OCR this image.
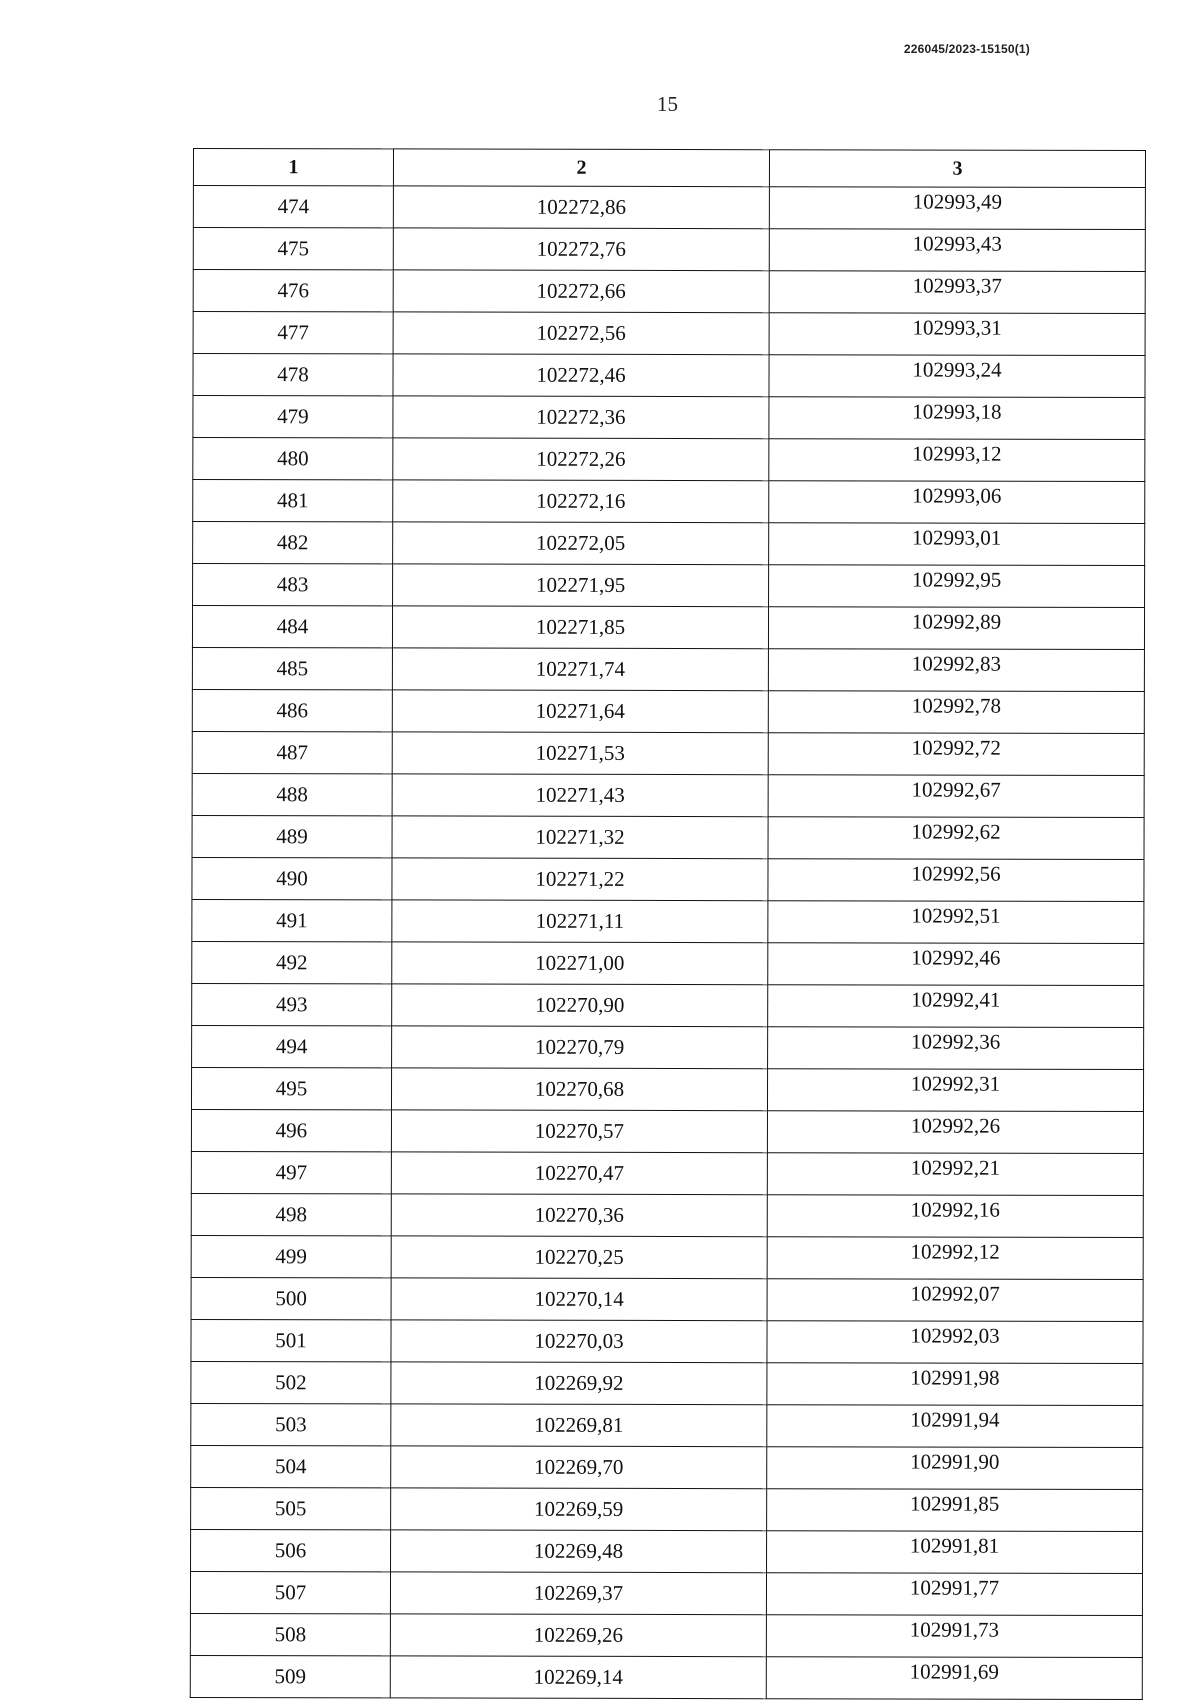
226045/2023-15150(1)
15
1	2	3
474	102272,86	102993,49
475	102272,76	102993,43
476	102272,66	102993,37
477	102272,56	102993,31
478	102272,46	102993,24
479	102272,36	102993,18
480	102272,26	102993,12
481	102272,16	102993,06
482	102272,05	102993,01
483	102271,95	102992,95
484	102271,85	102992,89
485	102271,74	102992,83
486	102271,64	102992,78
487	102271,53	102992,72
488	102271,43	102992,67
489	102271,32	102992,62
490	102271,22	102992,56
491	102271,11	102992,51
492	102271,00	102992,46
493	102270,90	102992,41
494	102270,79	102992,36
495	102270,68	102992,31
496	102270,57	102992,26
497	102270,47	102992,21
498	102270,36	102992,16
499	102270,25	102992,12
500	102270,14	102992,07
501	102270,03	102992,03
502	102269,92	102991,98
503	102269,81	102991,94
504	102269,70	102991,90
505	102269,59	102991,85
506	102269,48	102991,81
507	102269,37	102991,77
508	102269,26	102991,73
509	102269,14	102991,69
